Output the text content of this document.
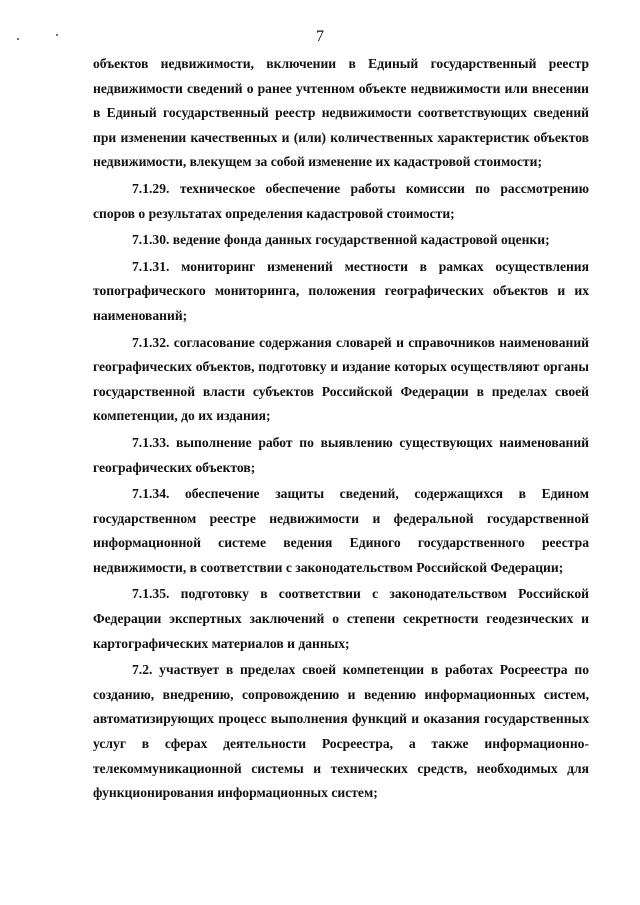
7

объектов недвижимости, включении в Единый государственный реестр недвижимости сведений о ранее учтенном объекте недвижимости или внесении в Единый государственный реестр недвижимости соответствующих сведений при изменении качественных и (или) количественных характеристик объектов недвижимости, влекущем за собой изменение их кадастровой стоимости;

7.1.29. техническое обеспечение работы комиссии по рассмотрению споров о результатах определения кадастровой стоимости;

7.1.30. ведение фонда данных государственной кадастровой оценки;

7.1.31. мониторинг изменений местности в рамках осуществления топографического мониторинга, положения географических объектов и их наименований;

7.1.32. согласование содержания словарей и справочников наименований географических объектов, подготовку и издание которых осуществляют органы государственной власти субъектов Российской Федерации в пределах своей компетенции, до их издания;

7.1.33. выполнение работ по выявлению существующих наименований географических объектов;

7.1.34. обеспечение защиты сведений, содержащихся в Едином государственном реестре недвижимости и федеральной государственной информационной системе ведения Единого государственного реестра недвижимости, в соответствии с законодательством Российской Федерации;

7.1.35. подготовку в соответствии с законодательством Российской Федерации экспертных заключений о степени секретности геодезических и картографических материалов и данных;

7.2. участвует в пределах своей компетенции в работах Росреестра по созданию, внедрению, сопровождению и ведению информационных систем, автоматизирующих процесс выполнения функций и оказания государственных услуг в сферах деятельности Росреестра, а также информационно-телекоммуникационной системы и технических средств, необходимых для функционирования информационных систем;
